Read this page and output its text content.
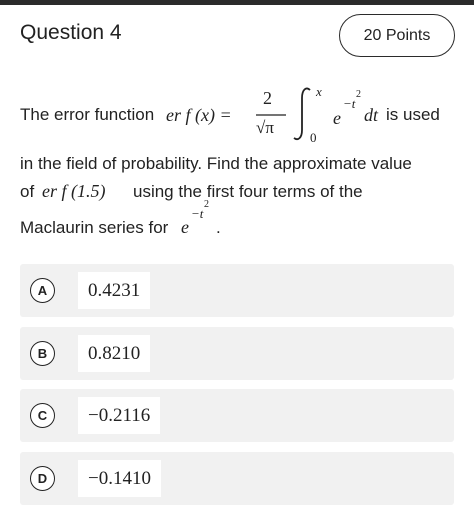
Question 4	20 Points
The error function er f (x) =
2
√π
x
0
e
−t
2
dt is used
in the field of probability. Find the approximate value
of er f (1.5) using the first four terms of the
Maclaurin series for e
−t
2
.
A	0.4231
B	0.8210
C	−0.2116
D	−0.1410
